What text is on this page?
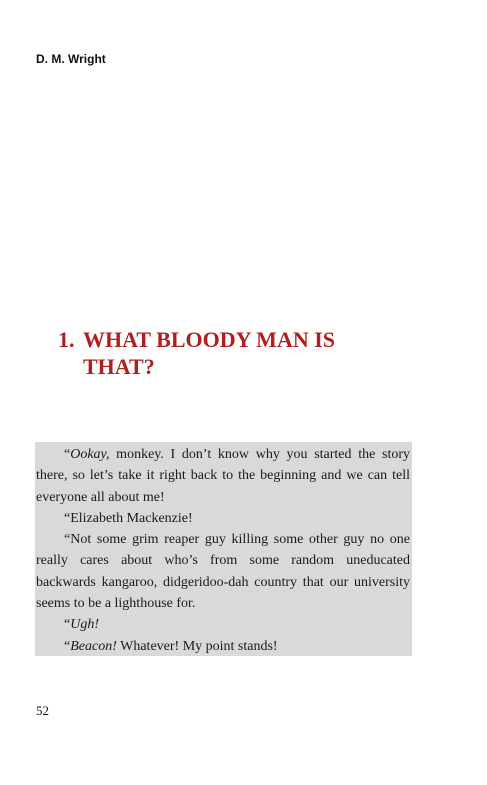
D. M. Wright
1. WHAT BLOODY MAN IS
THAT?

“Ookay, monkey. I don’t know why you started the story there, so let’s take it right back to the beginning and we can tell everyone all about me!

“Elizabeth Mackenzie!

“Not some grim reaper guy killing some other guy no one really cares about who’s from some random uneducated backwards kangaroo, didgeridoo-dah country that our university seems to be a lighthouse for.

“Ugh!

“Beacon! Whatever! My point stands!

52
